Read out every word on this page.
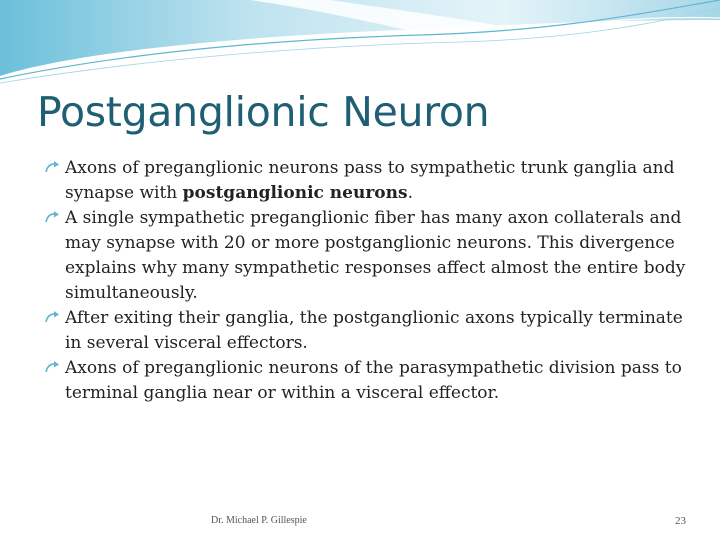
Postganglionic Neuron
Axons of preganglionic neurons pass to sympathetic trunk ganglia and synapse with postganglionic neurons.
A single sympathetic preganglionic fiber has many axon collaterals and may synapse with 20 or more postganglionic neurons. This divergence explains why many sympathetic responses affect almost the entire body simultaneously.
After exiting their ganglia, the postganglionic axons typically terminate in several visceral effectors.
Axons of preganglionic neurons of the parasympathetic division pass to terminal ganglia near or within a visceral effector.
Dr. Michael P. Gillespie	23
